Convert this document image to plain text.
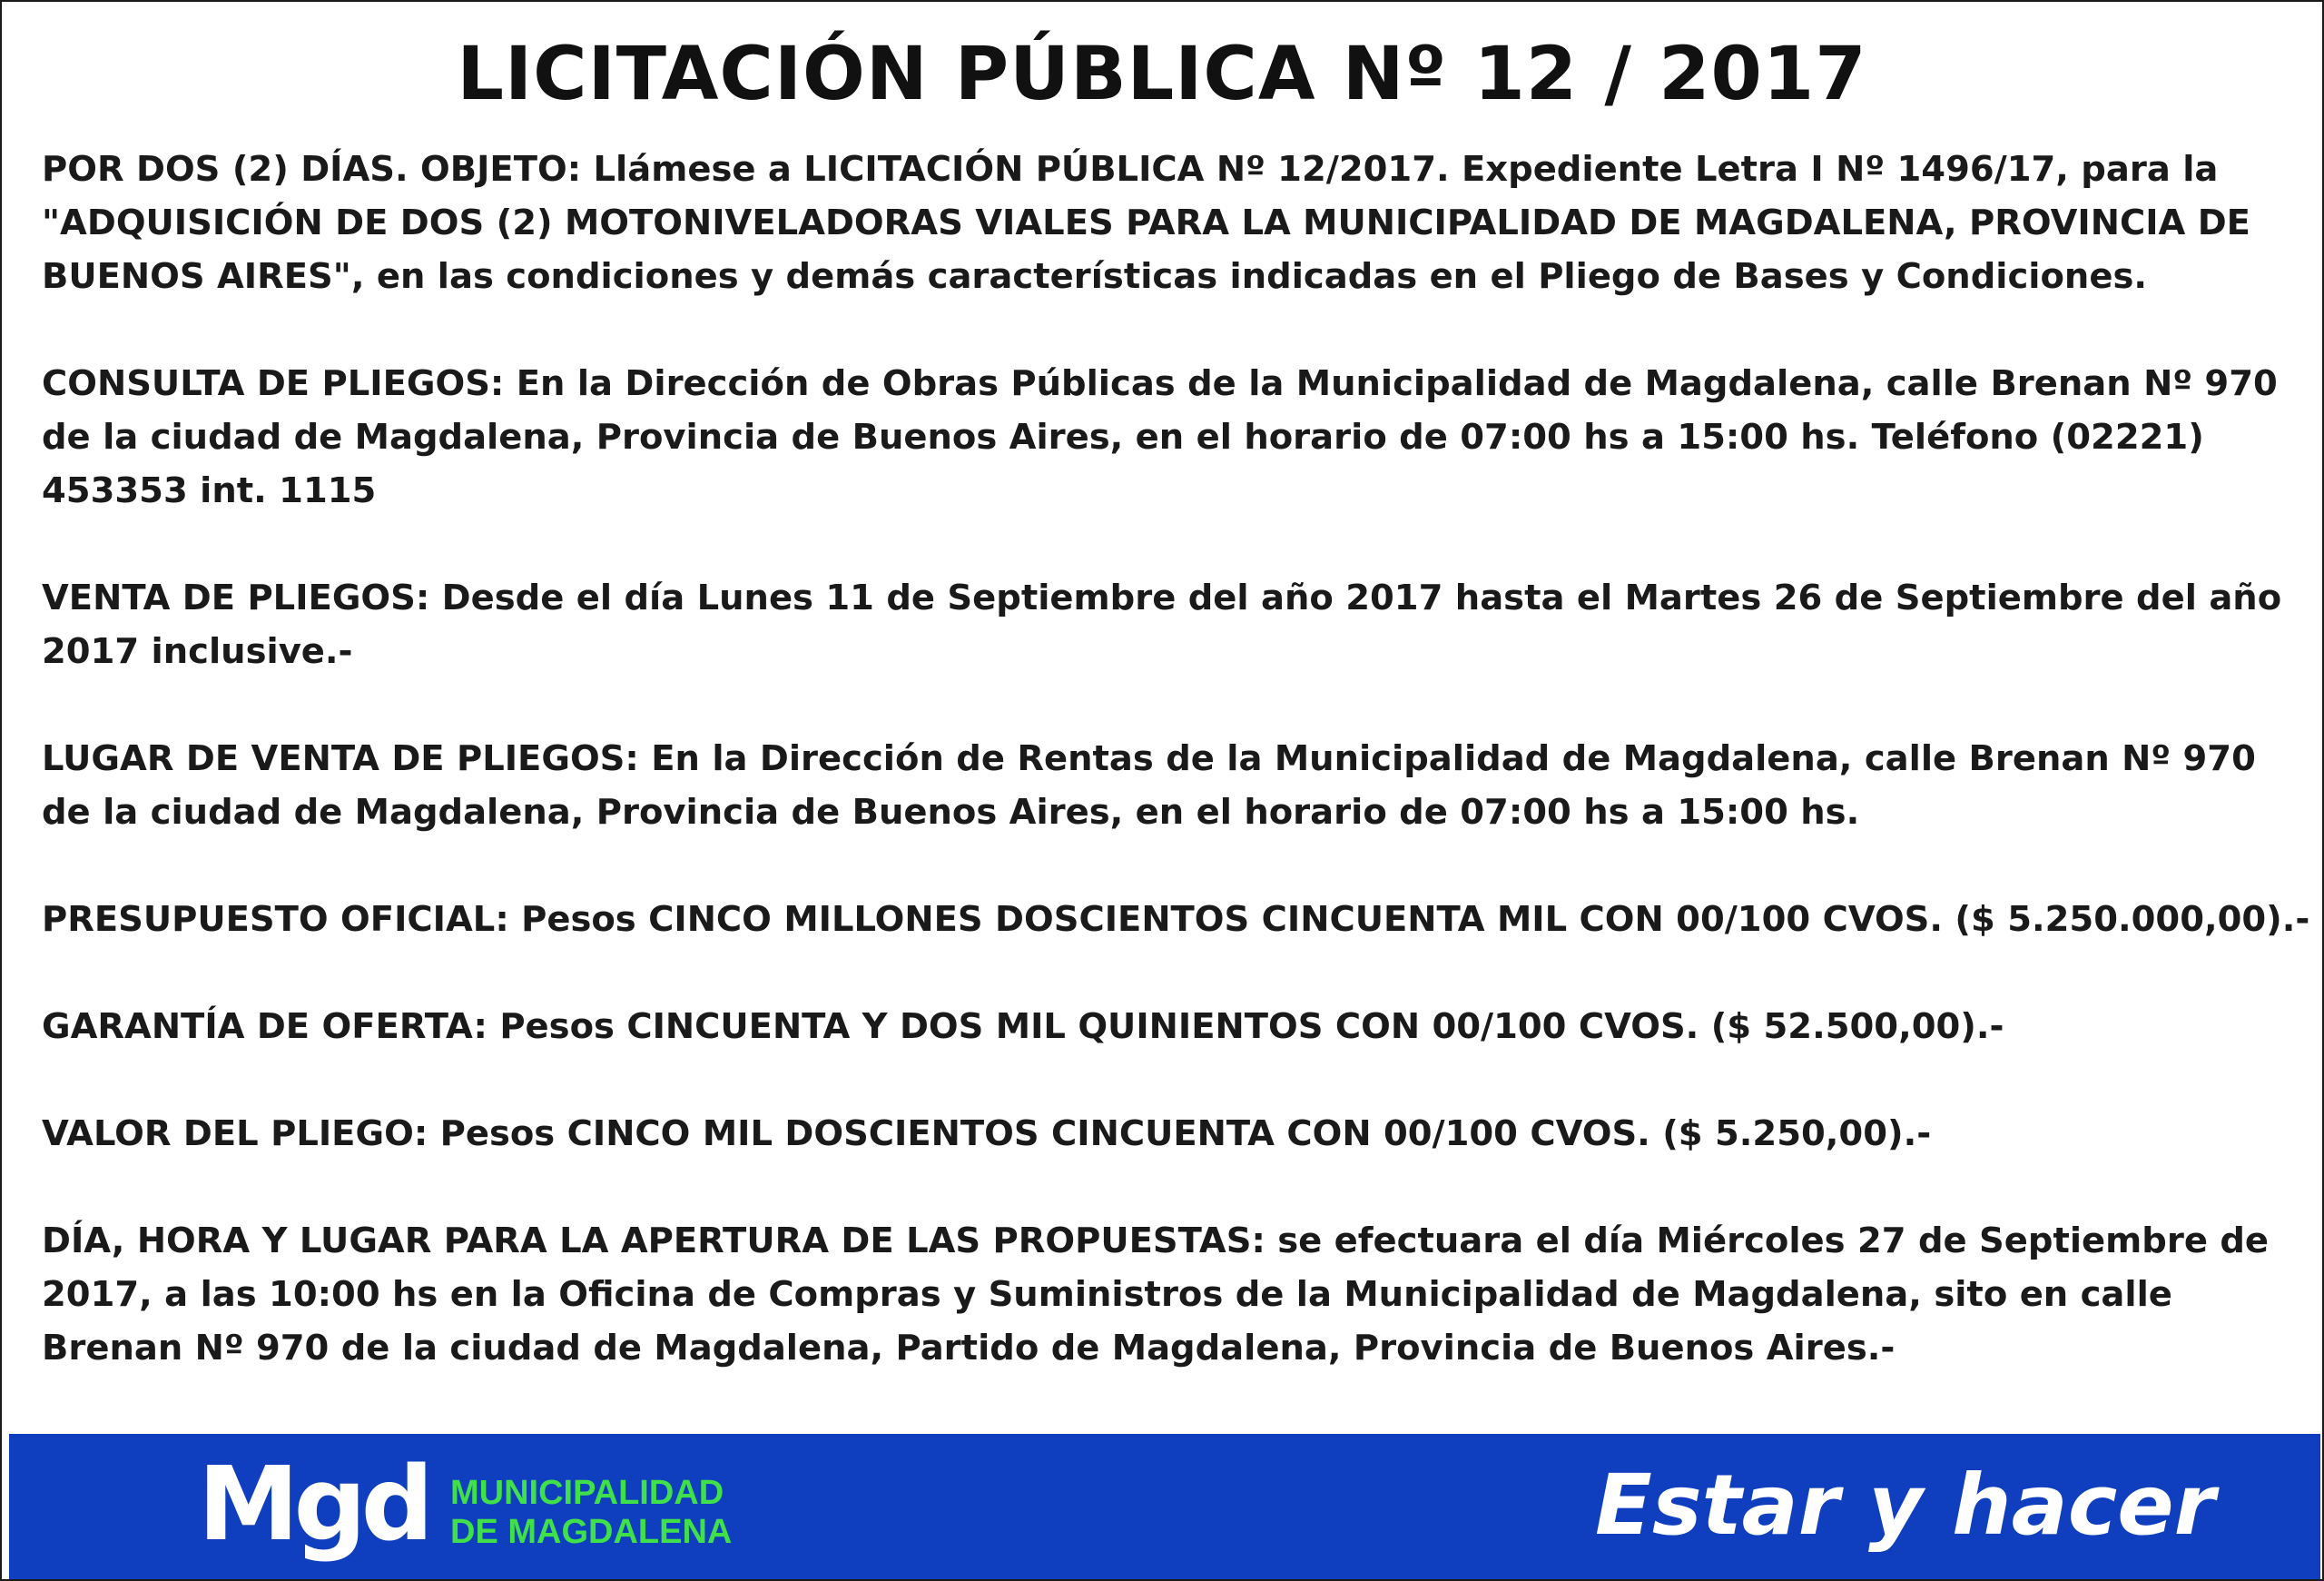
LICITACIÓN PÚBLICA Nº 12 / 2017

POR DOS (2) DÍAS. OBJETO: Llámese a LICITACIÓN PÚBLICA Nº 12/2017. Expediente Letra I Nº 1496/17, para la "ADQUISICIÓN DE DOS (2) MOTONIVELADORAS VIALES PARA LA MUNICIPALIDAD DE MAGDALENA, PROVINCIA DE BUENOS AIRES", en las condiciones y demás características indicadas en el Pliego de Bases y Condiciones.

CONSULTA DE PLIEGOS: En la Dirección de Obras Públicas de la Municipalidad de Magdalena, calle Brenan Nº 970 de la ciudad de Magdalena, Provincia de Buenos Aires, en el horario de 07:00 hs a 15:00 hs. Teléfono (02221) 453353 int. 1115

VENTA DE PLIEGOS: Desde el día Lunes 11 de Septiembre del año 2017 hasta el Martes 26 de Septiembre del año 2017 inclusive.-

LUGAR DE VENTA DE PLIEGOS: En la Dirección de Rentas de la Municipalidad de Magdalena, calle Brenan Nº 970 de la ciudad de Magdalena, Provincia de Buenos Aires, en el horario de 07:00 hs a 15:00 hs.

PRESUPUESTO OFICIAL: Pesos CINCO MILLONES DOSCIENTOS CINCUENTA MIL CON 00/100 CVOS. ($ 5.250.000,00).-

GARANTÍA DE OFERTA: Pesos CINCUENTA Y DOS MIL QUINIENTOS CON 00/100 CVOS. ($ 52.500,00).-

VALOR DEL PLIEGO: Pesos CINCO MIL DOSCIENTOS CINCUENTA CON 00/100 CVOS. ($ 5.250,00).-

DÍA, HORA Y LUGAR PARA LA APERTURA DE LAS PROPUESTAS: se efectuara el día Miércoles 27 de Septiembre de 2017, a las 10:00 hs en la Oficina de Compras y Suministros de la Municipalidad de Magdalena, sito en calle Brenan Nº 970 de la ciudad de Magdalena, Partido de Magdalena, Provincia de Buenos Aires.-

Mgd MUNICIPALIDAD
DE MAGDALENA	Estar y hacer
